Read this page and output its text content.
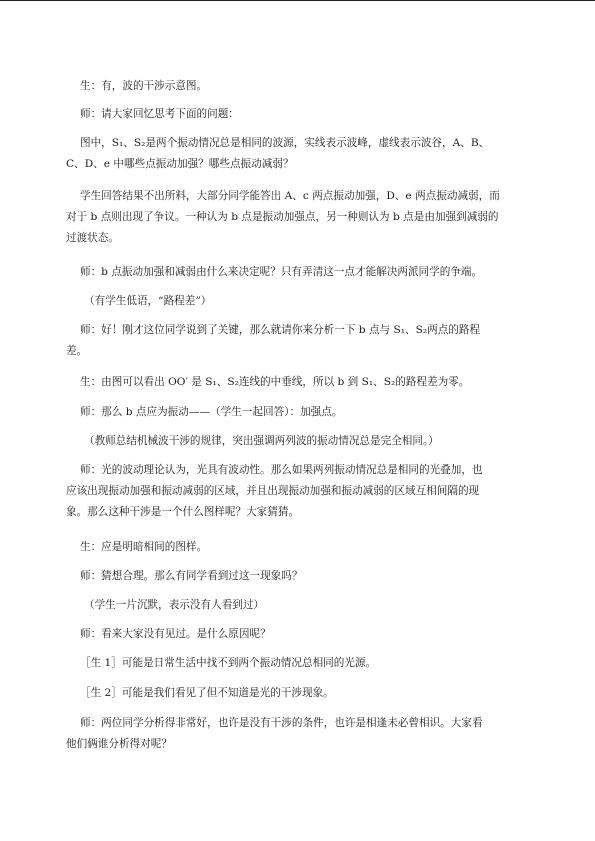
生：有，波的干涉示意图。
师：请大家回忆思考下面的问题：
图中，S₁、S₂是两个振动情况总是相同的波源，实线表示波峰，虚线表示波谷，A、B、
C、D、e 中哪些点振动加强？哪些点振动减弱？
学生回答结果不出所料，大部分同学能答出 A、c 两点振动加强，D、e 两点振动减弱，而
对于 b 点则出现了争议。一种认为 b 点是振动加强点，另一种则认为 b 点是由加强到减弱的
过渡状态。
师：b 点振动加强和减弱由什么来决定呢？只有弄清这一点才能解决两派同学的争端。
（有学生低语，“路程差”）
师：好！刚才这位同学说到了关键，那么就请你来分析一下 b 点与 S₁、S₂两点的路程
差。
生：由图可以看出 OO′ 是 S₁、S₂连线的中垂线，所以 b 到 S₁、S₂的路程差为零。
师：那么 b 点应为振动——（学生一起回答）：加强点。
（教师总结机械波干涉的规律，突出强调两列波的振动情况总是完全相同。）
师：光的波动理论认为，光具有波动性。那么如果两列振动情况总是相同的光叠加，也
应该出现振动加强和振动减弱的区域，并且出现振动加强和振动减弱的区域互相间隔的现
象。那么这种干涉是一个什么图样呢？大家猜猜。
生：应是明暗相间的图样。
师：猜想合理。那么有同学看到过这一现象吗？
（学生一片沉默，表示没有人看到过）
师：看来大家没有见过。是什么原因呢？
［生 1］可能是日常生活中找不到两个振动情况总相同的光源。
［生 2］可能是我们看见了但不知道是光的干涉现象。
师：两位同学分析得非常好，也许是没有干涉的条件，也许是相逢未必曾相识。大家看
他们俩谁分析得对呢？
